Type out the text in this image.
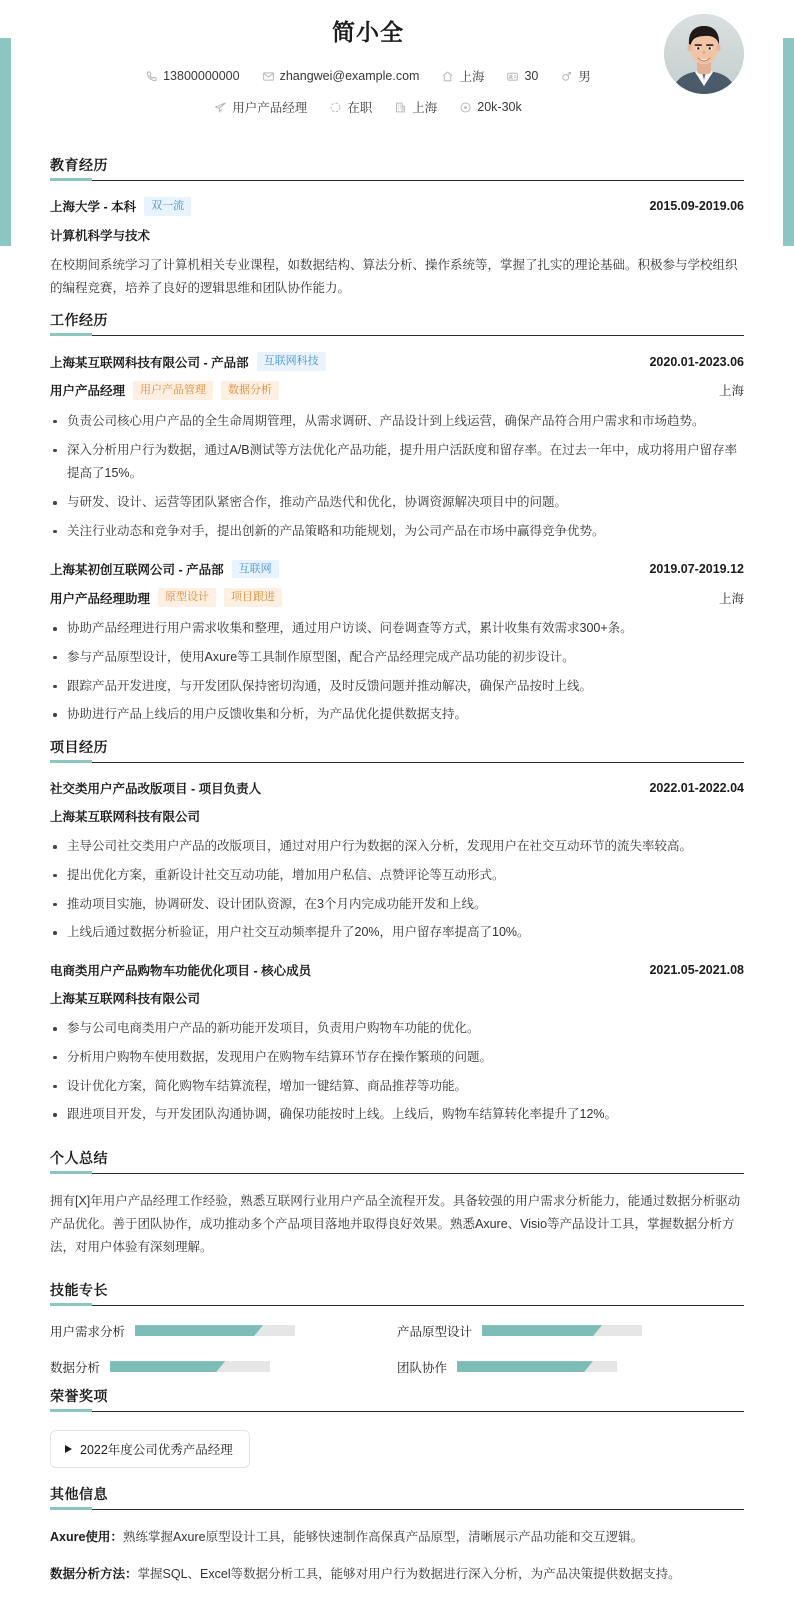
简小全
13800000000	zhangwei@example.com	上海	30	男
用户产品经理	在职	上海	20k-30k
教育经历
上海大学 - 本科	双一流	2015.09-2019.06
计算机科学与技术
在校期间系统学习了计算机相关专业课程，如数据结构、算法分析、操作系统等，掌握了扎实的理论基础。积极参与学校组织的编程竞赛，培养了良好的逻辑思维和团队协作能力。
工作经历
上海某互联网科技有限公司 - 产品部	互联网科技	2020.01-2023.06
用户产品经理	用户产品管理	数据分析	上海
负责公司核心用户产品的全生命周期管理，从需求调研、产品设计到上线运营，确保产品符合用户需求和市场趋势。
深入分析用户行为数据，通过A/B测试等方法优化产品功能，提升用户活跃度和留存率。在过去一年中，成功将用户留存率提高了15%。
与研发、设计、运营等团队紧密合作，推动产品迭代和优化，协调资源解决项目中的问题。
关注行业动态和竞争对手，提出创新的产品策略和功能规划，为公司产品在市场中赢得竞争优势。
上海某初创互联网公司 - 产品部	互联网	2019.07-2019.12
用户产品经理助理	原型设计	项目跟进	上海
协助产品经理进行用户需求收集和整理，通过用户访谈、问卷调查等方式，累计收集有效需求300+条。
参与产品原型设计，使用Axure等工具制作原型图，配合产品经理完成产品功能的初步设计。
跟踪产品开发进度，与开发团队保持密切沟通，及时反馈问题并推动解决，确保产品按时上线。
协助进行产品上线后的用户反馈收集和分析，为产品优化提供数据支持。
项目经历
社交类用户产品改版项目 - 项目负责人	2022.01-2022.04
上海某互联网科技有限公司
主导公司社交类用户产品的改版项目，通过对用户行为数据的深入分析，发现用户在社交互动环节的流失率较高。
提出优化方案，重新设计社交互动功能，增加用户私信、点赞评论等互动形式。
推动项目实施，协调研发、设计团队资源，在3个月内完成功能开发和上线。
上线后通过数据分析验证，用户社交互动频率提升了20%，用户留存率提高了10%。
电商类用户产品购物车功能优化项目 - 核心成员	2021.05-2021.08
上海某互联网科技有限公司
参与公司电商类用户产品的新功能开发项目，负责用户购物车功能的优化。
分析用户购物车使用数据，发现用户在购物车结算环节存在操作繁琐的问题。
设计优化方案，简化购物车结算流程，增加一键结算、商品推荐等功能。
跟进项目开发，与开发团队沟通协调，确保功能按时上线。上线后，购物车结算转化率提升了12%。
个人总结
拥有[X]年用户产品经理工作经验，熟悉互联网行业用户产品全流程开发。具备较强的用户需求分析能力，能通过数据分析驱动产品优化。善于团队协作，成功推动多个产品项目落地并取得良好效果。熟悉Axure、Visio等产品设计工具，掌握数据分析方法，对用户体验有深刻理解。
技能专长
用户需求分析	产品原型设计
数据分析	团队协作
荣誉奖项
2022年度公司优秀产品经理
其他信息
Axure使用：熟练掌握Axure原型设计工具，能够快速制作高保真产品原型，清晰展示产品功能和交互逻辑。
数据分析方法：掌握SQL、Excel等数据分析工具，能够对用户行为数据进行深入分析，为产品决策提供数据支持。
